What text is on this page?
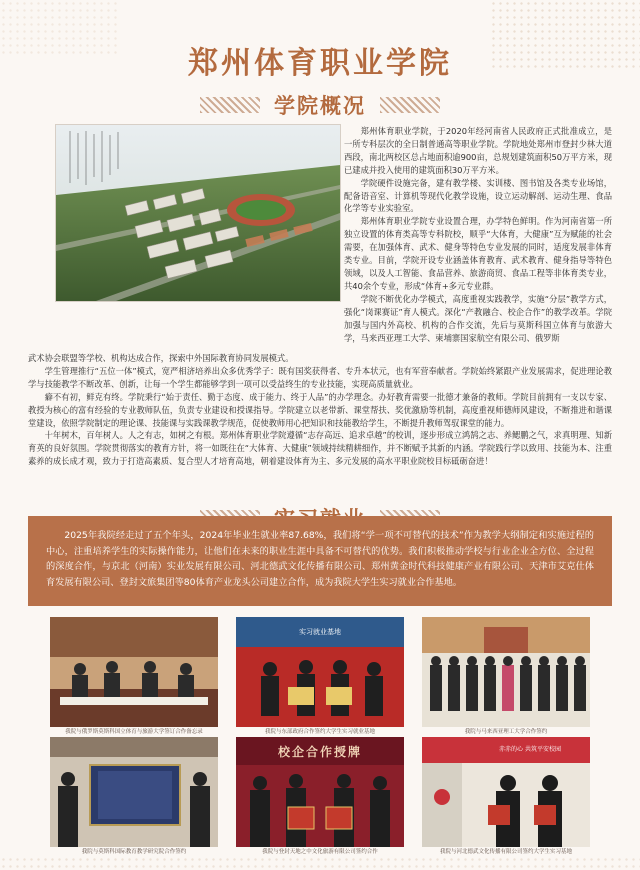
郑州体育职业学院
学院概况

郑州体育职业学院，于2020年经河南省人民政府正式批准成立，是一所专科层次的全日制普通高等职业学院。学院地处郑州市登封少林大道西段，南北两校区总占地面积逾900亩，总规划建筑面积50万平方米，现已建成并投入使用的建筑面积30万平方米。

学院硬件设施完备，建有教学楼、实训楼、图书馆及各类专业场馆，配备语音室、计算机等现代化教学设施，设立运动解剖、运动生理、食品化学等专业实验室。

郑州体育职业学院专业设置合理，办学特色鲜明。作为河南省第一所独立设置的体育类高等专科院校，顺乎“大体育，大健康”互为赋能的社会需要，在加强体育、武术、健身等特色专业发展的同时，适度发展非体育类专业。目前，学院开设专业涵盖体育教育、武术教育、健身指导等特色领域，以及人工智能、食品营养、旅游商贸、食品工程等非体育类专业，共40余个专业，形成“体育+多元专业群。

学院不断优化办学模式，高度重视实践教学，实施“分层”教学方式，强化“岗课赛证”育人模式。深化“产教融合、校企合作”的教学改革。学院加强与国内外高校、机构的合作交流，先后与莫斯科国立体育与旅游大学，马来西亚理工大学、柬埔寨国家航空有限公司、俄罗斯

武术协会联盟等学校、机构达成合作，探索中外国际教育协同发展模式。

学生管理推行“五位一体”模式，宽严相济培养出众多优秀学子：既有国奖获得者、专升本状元，也有军营奉献者。学院始终紧跟产业发展需求，促进理论教学与技能教学不断改革、创新，让每一个学生都能够学到一项可以受益终生的专业技能，实现高质量就业。

癖不有初，鲜克有终。学院秉行“始于责任、勤于态度、成于能力、终于人品”的办学理念。办好教育需要一批德才兼备的教师。学院目前拥有一支以专家、教授为核心的富有经验的专业教师队伍，负责专业建设和授课指导。学院建立以老带新、课堂帮扶、奖优激励等机制，高度重视师德师风建设，不断推进和谐课堂建设，依照学院制定的理论课、技能课与实践课教学规范，促使教师用心把知识和技能教给学生，不断提升教师驾驭课堂的能力。

十年树木，百年树人。人之有志，如树之有根。郑州体育职业学院遵循“志存高远、追求卓越”的校训，逐步形成立鸿鹄之志、养鳃鹏之气，求真明理、知新育英的良好氛围。学院贯彻落实的教育方针，将一如既往在“大体育、大健康”领域持续精耕细作，并不断赋予其新的内涵。学院践行学以致用、技能为本、注重素养的成长成才观，致力于打造高素质、复合型人才培育高地，朝着建设体育为主、多元发展的高水平职业院校目标砥砺奋进！

2025年我院经走过了五个年头，2024年毕业生就业率87.68%，我们将“学一项不可替代的技术”作为教学大纲制定和实施过程的中心，注重培养学生的实际操作能力，让他们在未来的职业生涯中具备不可替代的优势。我们积极推动学校与行业企业全方位、全过程的深度合作，与京北（河南）实业发展有限公司、河北德武文化传播有限公司、郑州黄金时代科技健康产业有限公司、天津市艾克仕体育发展有限公司、登封文旅集团等80体育产业龙头公司建立合作，成为我院大学生实习就业合作基地。

我院与俄罗斯莫斯科国立体育与旅游大学签订合作备忘录
实习就业基地
我院与东部政府合作签约大学生实习就业基地	我院与马来西亚理工大学合作签约
我院与莫斯科国际教育教学研究院合作签约
校企合作授牌
我院与登封天地之中文化旅游有限公司签约合作
赤赤的心 共筑平安校园
我院与河北德武文化传播有限公司签约大学生实习基地
